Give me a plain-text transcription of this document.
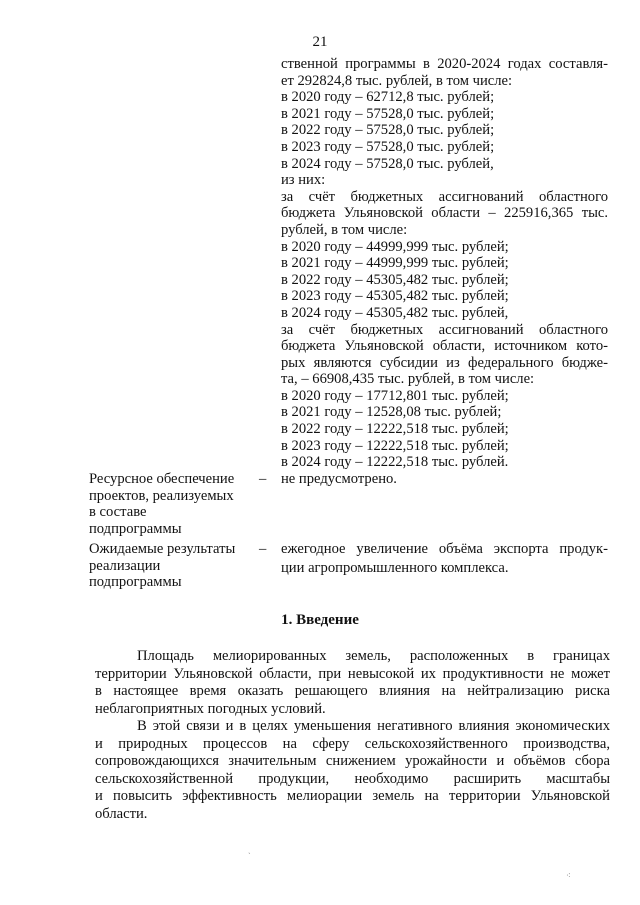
21
ственной программы в 2020-2024 годах составля-
ет 292824,8 тыс. рублей, в том числе:
в 2020 году – 62712,8 тыс. рублей;
в 2021 году – 57528,0 тыс. рублей;
в 2022 году – 57528,0 тыс. рублей;
в 2023 году – 57528,0 тыс. рублей;
в 2024 году – 57528,0 тыс. рублей,
из них:
за счёт бюджетных ассигнований областного
бюджета Ульяновской области – 225916,365 тыс.
рублей, в том числе:
в 2020 году – 44999,999 тыс. рублей;
в 2021 году – 44999,999 тыс. рублей;
в 2022 году – 45305,482 тыс. рублей;
в 2023 году – 45305,482 тыс. рублей;
в 2024 году – 45305,482 тыс. рублей,
за счёт бюджетных ассигнований областного
бюджета Ульяновской области, источником кото-
рых являются субсидии из федерального бюдже-
та, – 66908,435 тыс. рублей, в том числе:
в 2020 году – 17712,801 тыс. рублей;
в 2021 году – 12528,08 тыс. рублей;
в 2022 году – 12222,518 тыс. рублей;
в 2023 году – 12222,518 тыс. рублей;
в 2024 году – 12222,518 тыс. рублей.
Ресурсное обеспечение
проектов, реализуемых
в составе
подпрограммы
– не предусмотрено.
Ожидаемые результаты
реализации
подпрограммы
– ежегодное увеличение объёма экспорта продук-
ции агропромышленного комплекса.
1. Введение
Площадь мелиорированных земель, расположенных в границах
территории Ульяновской области, при невысокой их продуктивности не может
в настоящее время оказать решающего влияния на нейтрализацию риска
неблагоприятных погодных условий.
В этой связи и в целях уменьшения негативного влияния экономических
и природных процессов на сферу сельскохозяйственного производства,
сопровождающихся значительным снижением урожайности и объёмов сбора
сельскохозяйственной продукции, необходимо расширить масштабы
и повысить эффективность мелиорации земель на территории Ульяновской
области.
ˏ
⁖
